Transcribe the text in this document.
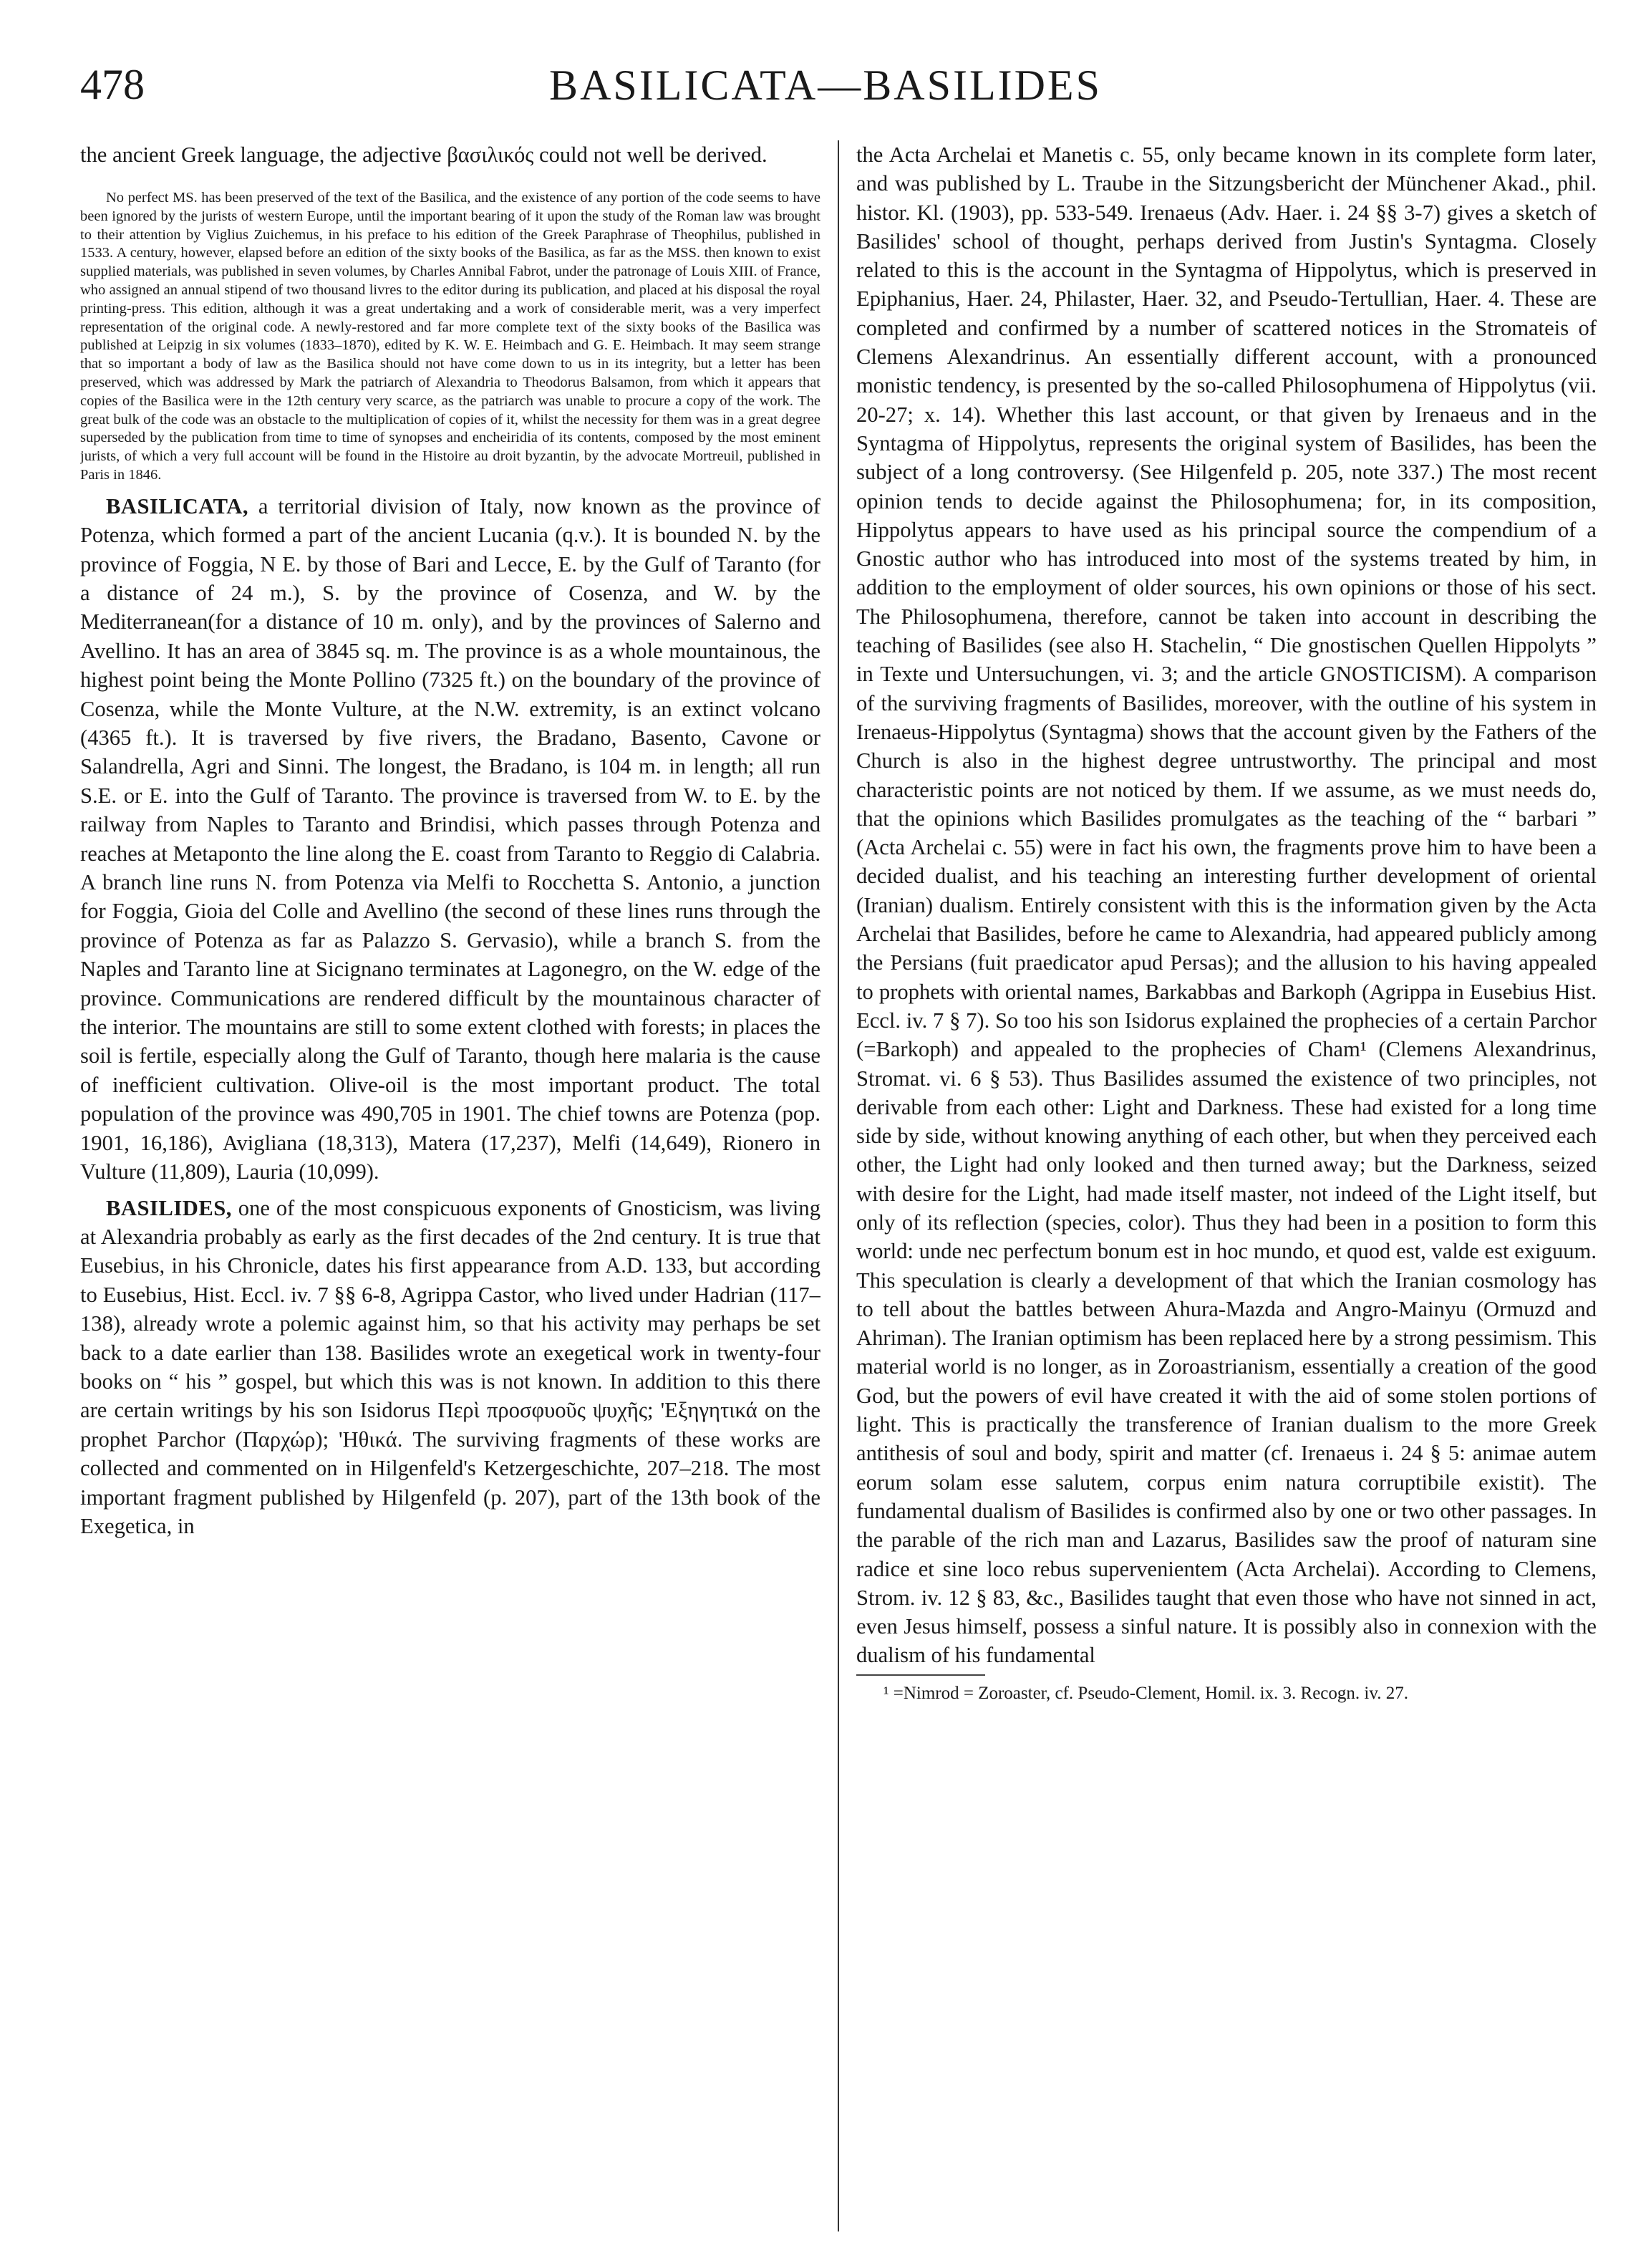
478	BASILICATA—BASILIDES

the ancient Greek language, the adjective βασιλικός could not well be derived.

No perfect MS. has been preserved of the text of the Basilica, and the existence of any portion of the code seems to have been ignored by the jurists of western Europe, until the important bearing of it upon the study of the Roman law was brought to their attention by Viglius Zuichemus, in his preface to his edition of the Greek Paraphrase of Theophilus, published in 1533. A century, however, elapsed before an edition of the sixty books of the Basilica, as far as the MSS. then known to exist supplied materials, was published in seven volumes, by Charles Annibal Fabrot, under the patronage of Louis XIII. of France, who assigned an annual stipend of two thousand livres to the editor during its publication, and placed at his disposal the royal printing-press. This edition, although it was a great undertaking and a work of considerable merit, was a very imperfect representation of the original code. A newly-restored and far more complete text of the sixty books of the Basilica was published at Leipzig in six volumes (1833–1870), edited by K. W. E. Heimbach and G. E. Heimbach. It may seem strange that so important a body of law as the Basilica should not have come down to us in its integrity, but a letter has been preserved, which was addressed by Mark the patriarch of Alexandria to Theodorus Balsamon, from which it appears that copies of the Basilica were in the 12th century very scarce, as the patriarch was unable to procure a copy of the work. The great bulk of the code was an obstacle to the multiplication of copies of it, whilst the necessity for them was in a great degree superseded by the publication from time to time of synopses and encheiridia of its contents, composed by the most eminent jurists, of which a very full account will be found in the Histoire au droit byzantin, by the advocate Mortreuil, published in Paris in 1846.

BASILICATA, a territorial division of Italy, now known as the province of Potenza, which formed a part of the ancient Lucania (q.v.). It is bounded N. by the province of Foggia, N E. by those of Bari and Lecce, E. by the Gulf of Taranto (for a distance of 24 m.), S. by the province of Cosenza, and W. by the Mediterranean(for a distance of 10 m. only), and by the provinces of Salerno and Avellino. It has an area of 3845 sq. m. The province is as a whole mountainous, the highest point being the Monte Pollino (7325 ft.) on the boundary of the province of Cosenza, while the Monte Vulture, at the N.W. extremity, is an extinct volcano (4365 ft.). It is traversed by five rivers, the Bradano, Basento, Cavone or Salandrella, Agri and Sinni. The longest, the Bradano, is 104 m. in length; all run S.E. or E. into the Gulf of Taranto. The province is traversed from W. to E. by the railway from Naples to Taranto and Brindisi, which passes through Potenza and reaches at Metaponto the line along the E. coast from Taranto to Reggio di Calabria. A branch line runs N. from Potenza via Melfi to Rocchetta S. Antonio, a junction for Foggia, Gioia del Colle and Avellino (the second of these lines runs through the province of Potenza as far as Palazzo S. Gervasio), while a branch S. from the Naples and Taranto line at Sicignano terminates at Lagonegro, on the W. edge of the province. Communications are rendered difficult by the mountainous character of the interior. The mountains are still to some extent clothed with forests; in places the soil is fertile, especially along the Gulf of Taranto, though here malaria is the cause of inefficient cultivation. Olive-oil is the most important product. The total population of the province was 490,705 in 1901. The chief towns are Potenza (pop. 1901, 16,186), Avigliana (18,313), Matera (17,237), Melfi (14,649), Rionero in Vulture (11,809), Lauria (10,099).

BASILIDES, one of the most conspicuous exponents of Gnosticism, was living at Alexandria probably as early as the first decades of the 2nd century. It is true that Eusebius, in his Chronicle, dates his first appearance from A.D. 133, but according to Eusebius, Hist. Eccl. iv. 7 §§ 6-8, Agrippa Castor, who lived under Hadrian (117–138), already wrote a polemic against him, so that his activity may perhaps be set back to a date earlier than 138. Basilides wrote an exegetical work in twenty-four books on “ his ” gospel, but which this was is not known. In addition to this there are certain writings by his son Isidorus Περὶ προσφυοῦς ψυχῆς; 'Εξηγητικά on the prophet Parchor (Παρχώρ); 'Ηθικά. The surviving fragments of these works are collected and commented on in Hilgenfeld's Ketzergeschichte, 207–218. The most important fragment published by Hilgenfeld (p. 207), part of the 13th book of the Exegetica, in

the Acta Archelai et Manetis c. 55, only became known in its complete form later, and was published by L. Traube in the Sitzungsbericht der Münchener Akad., phil. histor. Kl. (1903), pp. 533-549. Irenaeus (Adv. Haer. i. 24 §§ 3-7) gives a sketch of Basilides' school of thought, perhaps derived from Justin's Syntagma. Closely related to this is the account in the Syntagma of Hippolytus, which is preserved in Epiphanius, Haer. 24, Philaster, Haer. 32, and Pseudo-Tertullian, Haer. 4. These are completed and confirmed by a number of scattered notices in the Stromateis of Clemens Alexandrinus. An essentially different account, with a pronounced monistic tendency, is presented by the so-called Philosophumena of Hippolytus (vii. 20-27; x. 14). Whether this last account, or that given by Irenaeus and in the Syntagma of Hippolytus, represents the original system of Basilides, has been the subject of a long controversy. (See Hilgenfeld p. 205, note 337.) The most recent opinion tends to decide against the Philosophumena; for, in its composition, Hippolytus appears to have used as his principal source the compendium of a Gnostic author who has introduced into most of the systems treated by him, in addition to the employment of older sources, his own opinions or those of his sect. The Philosophumena, therefore, cannot be taken into account in describing the teaching of Basilides (see also H. Stachelin, “ Die gnostischen Quellen Hippolyts ” in Texte und Untersuchungen, vi. 3; and the article GNOSTICISM). A comparison of the surviving fragments of Basilides, moreover, with the outline of his system in Irenaeus-Hippolytus (Syntagma) shows that the account given by the Fathers of the Church is also in the highest degree untrustworthy. The principal and most characteristic points are not noticed by them. If we assume, as we must needs do, that the opinions which Basilides promulgates as the teaching of the “ barbari ” (Acta Archelai c. 55) were in fact his own, the fragments prove him to have been a decided dualist, and his teaching an interesting further development of oriental (Iranian) dualism. Entirely consistent with this is the information given by the Acta Archelai that Basilides, before he came to Alexandria, had appeared publicly among the Persians (fuit praedicator apud Persas); and the allusion to his having appealed to prophets with oriental names, Barkabbas and Barkoph (Agrippa in Eusebius Hist. Eccl. iv. 7 § 7). So too his son Isidorus explained the prophecies of a certain Parchor (=Barkoph) and appealed to the prophecies of Cham¹ (Clemens Alexandrinus, Stromat. vi. 6 § 53). Thus Basilides assumed the existence of two principles, not derivable from each other: Light and Darkness. These had existed for a long time side by side, without knowing anything of each other, but when they perceived each other, the Light had only looked and then turned away; but the Darkness, seized with desire for the Light, had made itself master, not indeed of the Light itself, but only of its reflection (species, color). Thus they had been in a position to form this world: unde nec perfectum bonum est in hoc mundo, et quod est, valde est exiguum. This speculation is clearly a development of that which the Iranian cosmology has to tell about the battles between Ahura-Mazda and Angro-Mainyu (Ormuzd and Ahriman). The Iranian optimism has been replaced here by a strong pessimism. This material world is no longer, as in Zoroastrianism, essentially a creation of the good God, but the powers of evil have created it with the aid of some stolen portions of light. This is practically the transference of Iranian dualism to the more Greek antithesis of soul and body, spirit and matter (cf. Irenaeus i. 24 § 5: animae autem eorum solam esse salutem, corpus enim natura corruptibile existit). The fundamental dualism of Basilides is confirmed also by one or two other passages. In the parable of the rich man and Lazarus, Basilides saw the proof of naturam sine radice et sine loco rebus supervenientem (Acta Archelai). According to Clemens, Strom. iv. 12 § 83, &c., Basilides taught that even those who have not sinned in act, even Jesus himself, possess a sinful nature. It is possibly also in connexion with the dualism of his fundamental

¹ =Nimrod = Zoroaster, cf. Pseudo-Clement, Homil. ix. 3. Recogn. iv. 27.
